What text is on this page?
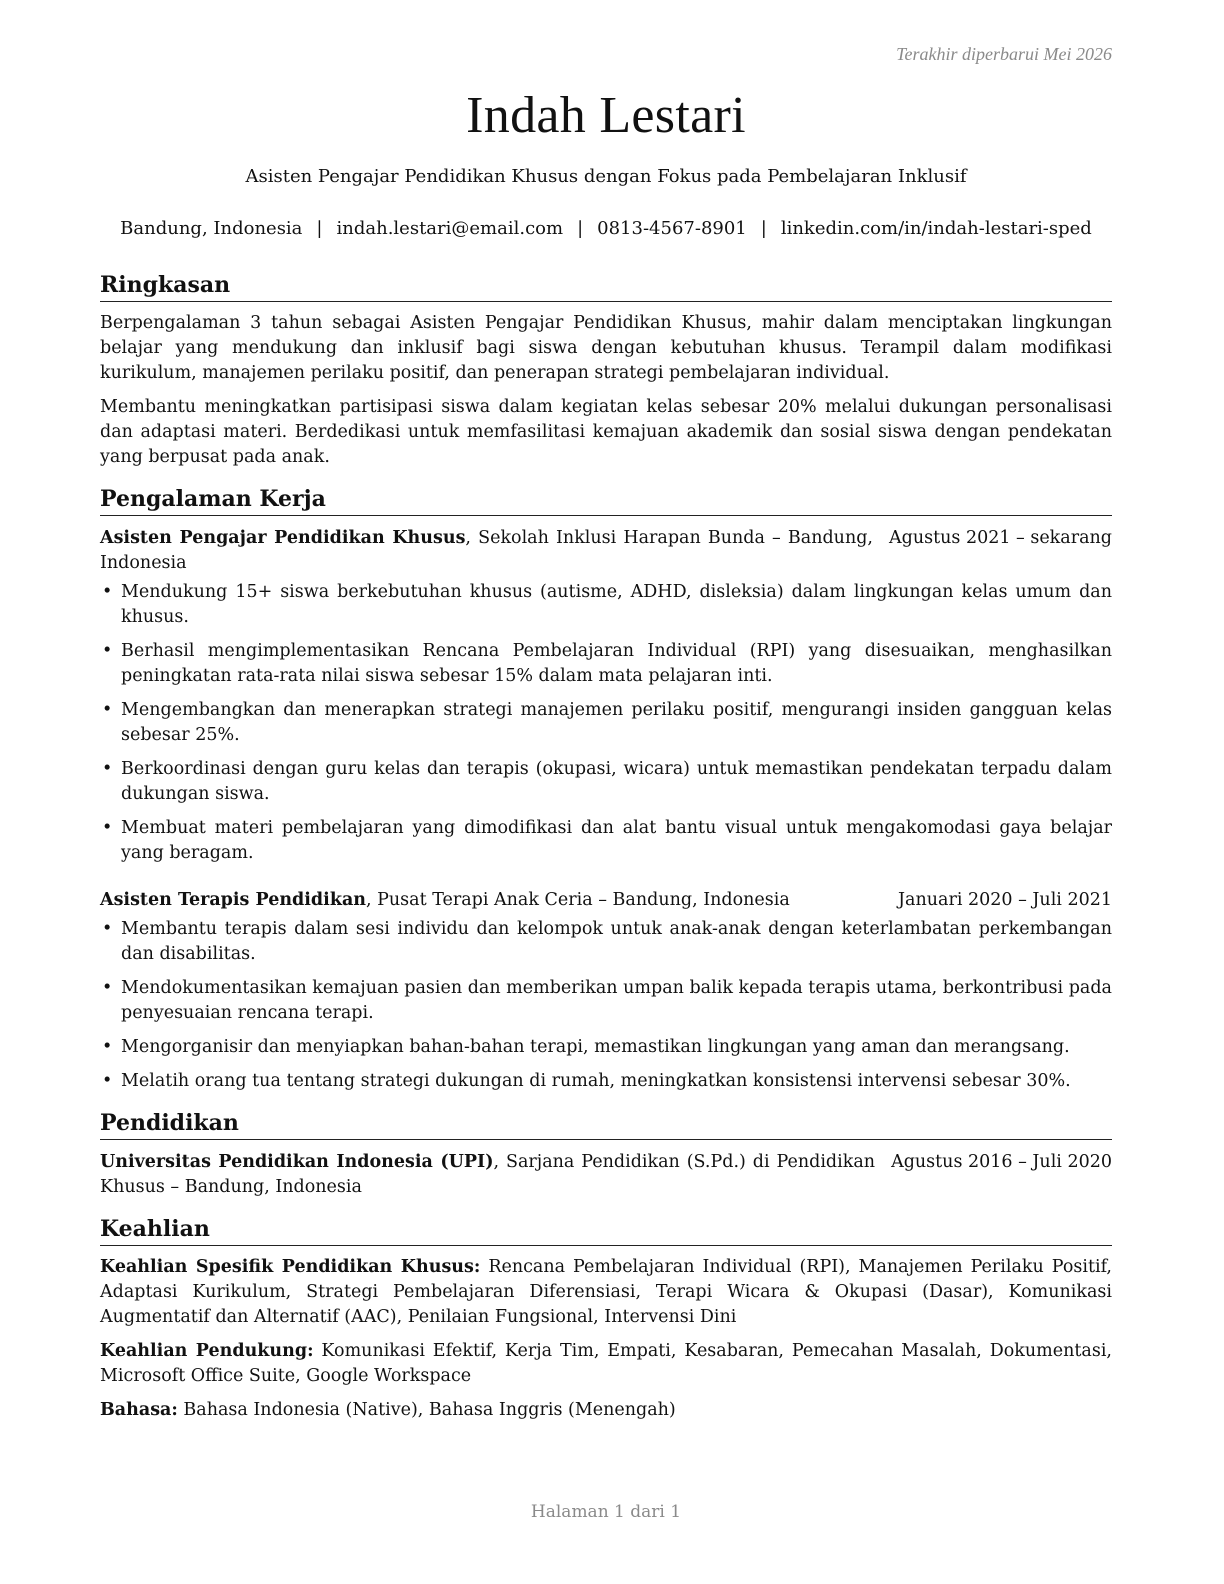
Terakhir diperbarui Mei 2026
Indah Lestari
Asisten Pengajar Pendidikan Khusus dengan Fokus pada Pembelajaran Inklusif
Bandung, Indonesia | indah.lestari@email.com | 0813-4567-8901 | linkedin.com/in/indah-lestari-sped
Ringkasan

Berpengalaman 3 tahun sebagai Asisten Pengajar Pendidikan Khusus, mahir dalam menciptakan lingkungan belajar yang mendukung dan inklusif bagi siswa dengan kebutuhan khusus. Terampil dalam modifikasi kurikulum, manajemen perilaku positif, dan penerapan strategi pembelajaran individual.

Membantu meningkatkan partisipasi siswa dalam kegiatan kelas sebesar 20% melalui dukungan personalisasi dan adaptasi materi. Berdedikasi untuk memfasilitasi kemajuan akademik dan sosial siswa dengan pendekatan yang berpusat pada anak.

Pengalaman Kerja
Agustus 2021 – sekarang
Asisten Pengajar Pendidikan Khusus, Sekolah Inklusi Harapan Bunda – Bandung, Indonesia
• Mendukung 15+ siswa berkebutuhan khusus (autisme, ADHD, disleksia) dalam lingkungan kelas umum dan khusus.
• Berhasil mengimplementasikan Rencana Pembelajaran Individual (RPI) yang disesuaikan, menghasilkan peningkatan rata-rata nilai siswa sebesar 15% dalam mata pelajaran inti.
• Mengembangkan dan menerapkan strategi manajemen perilaku positif, mengurangi insiden gangguan kelas sebesar 25%.
• Berkoordinasi dengan guru kelas dan terapis (okupasi, wicara) untuk memastikan pendekatan terpadu dalam dukungan siswa.
• Membuat materi pembelajaran yang dimodifikasi dan alat bantu visual untuk mengakomodasi gaya belajar yang beragam.
Januari 2020 – Juli 2021
Asisten Terapis Pendidikan, Pusat Terapi Anak Ceria – Bandung, Indonesia
• Membantu terapis dalam sesi individu dan kelompok untuk anak-anak dengan keterlambatan perkembangan dan disabilitas.
• Mendokumentasikan kemajuan pasien dan memberikan umpan balik kepada terapis utama, berkontribusi pada penyesuaian rencana terapi.
• Mengorganisir dan menyiapkan bahan-bahan terapi, memastikan lingkungan yang aman dan merangsang.
• Melatih orang tua tentang strategi dukungan di rumah, meningkatkan konsistensi intervensi sebesar 30%.
Pendidikan
Agustus 2016 – Juli 2020
Universitas Pendidikan Indonesia (UPI), Sarjana Pendidikan (S.Pd.) di Pendidikan Khusus – Bandung, Indonesia
Keahlian

Keahlian Spesifik Pendidikan Khusus: Rencana Pembelajaran Individual (RPI), Manajemen Perilaku Positif, Adaptasi Kurikulum, Strategi Pembelajaran Diferensiasi, Terapi Wicara & Okupasi (Dasar), Komunikasi Augmentatif dan Alternatif (AAC), Penilaian Fungsional, Intervensi Dini

Keahlian Pendukung: Komunikasi Efektif, Kerja Tim, Empati, Kesabaran, Pemecahan Masalah, Dokumentasi, Microsoft Office Suite, Google Workspace

Bahasa: Bahasa Indonesia (Native), Bahasa Inggris (Menengah)

Halaman 1 dari 1
